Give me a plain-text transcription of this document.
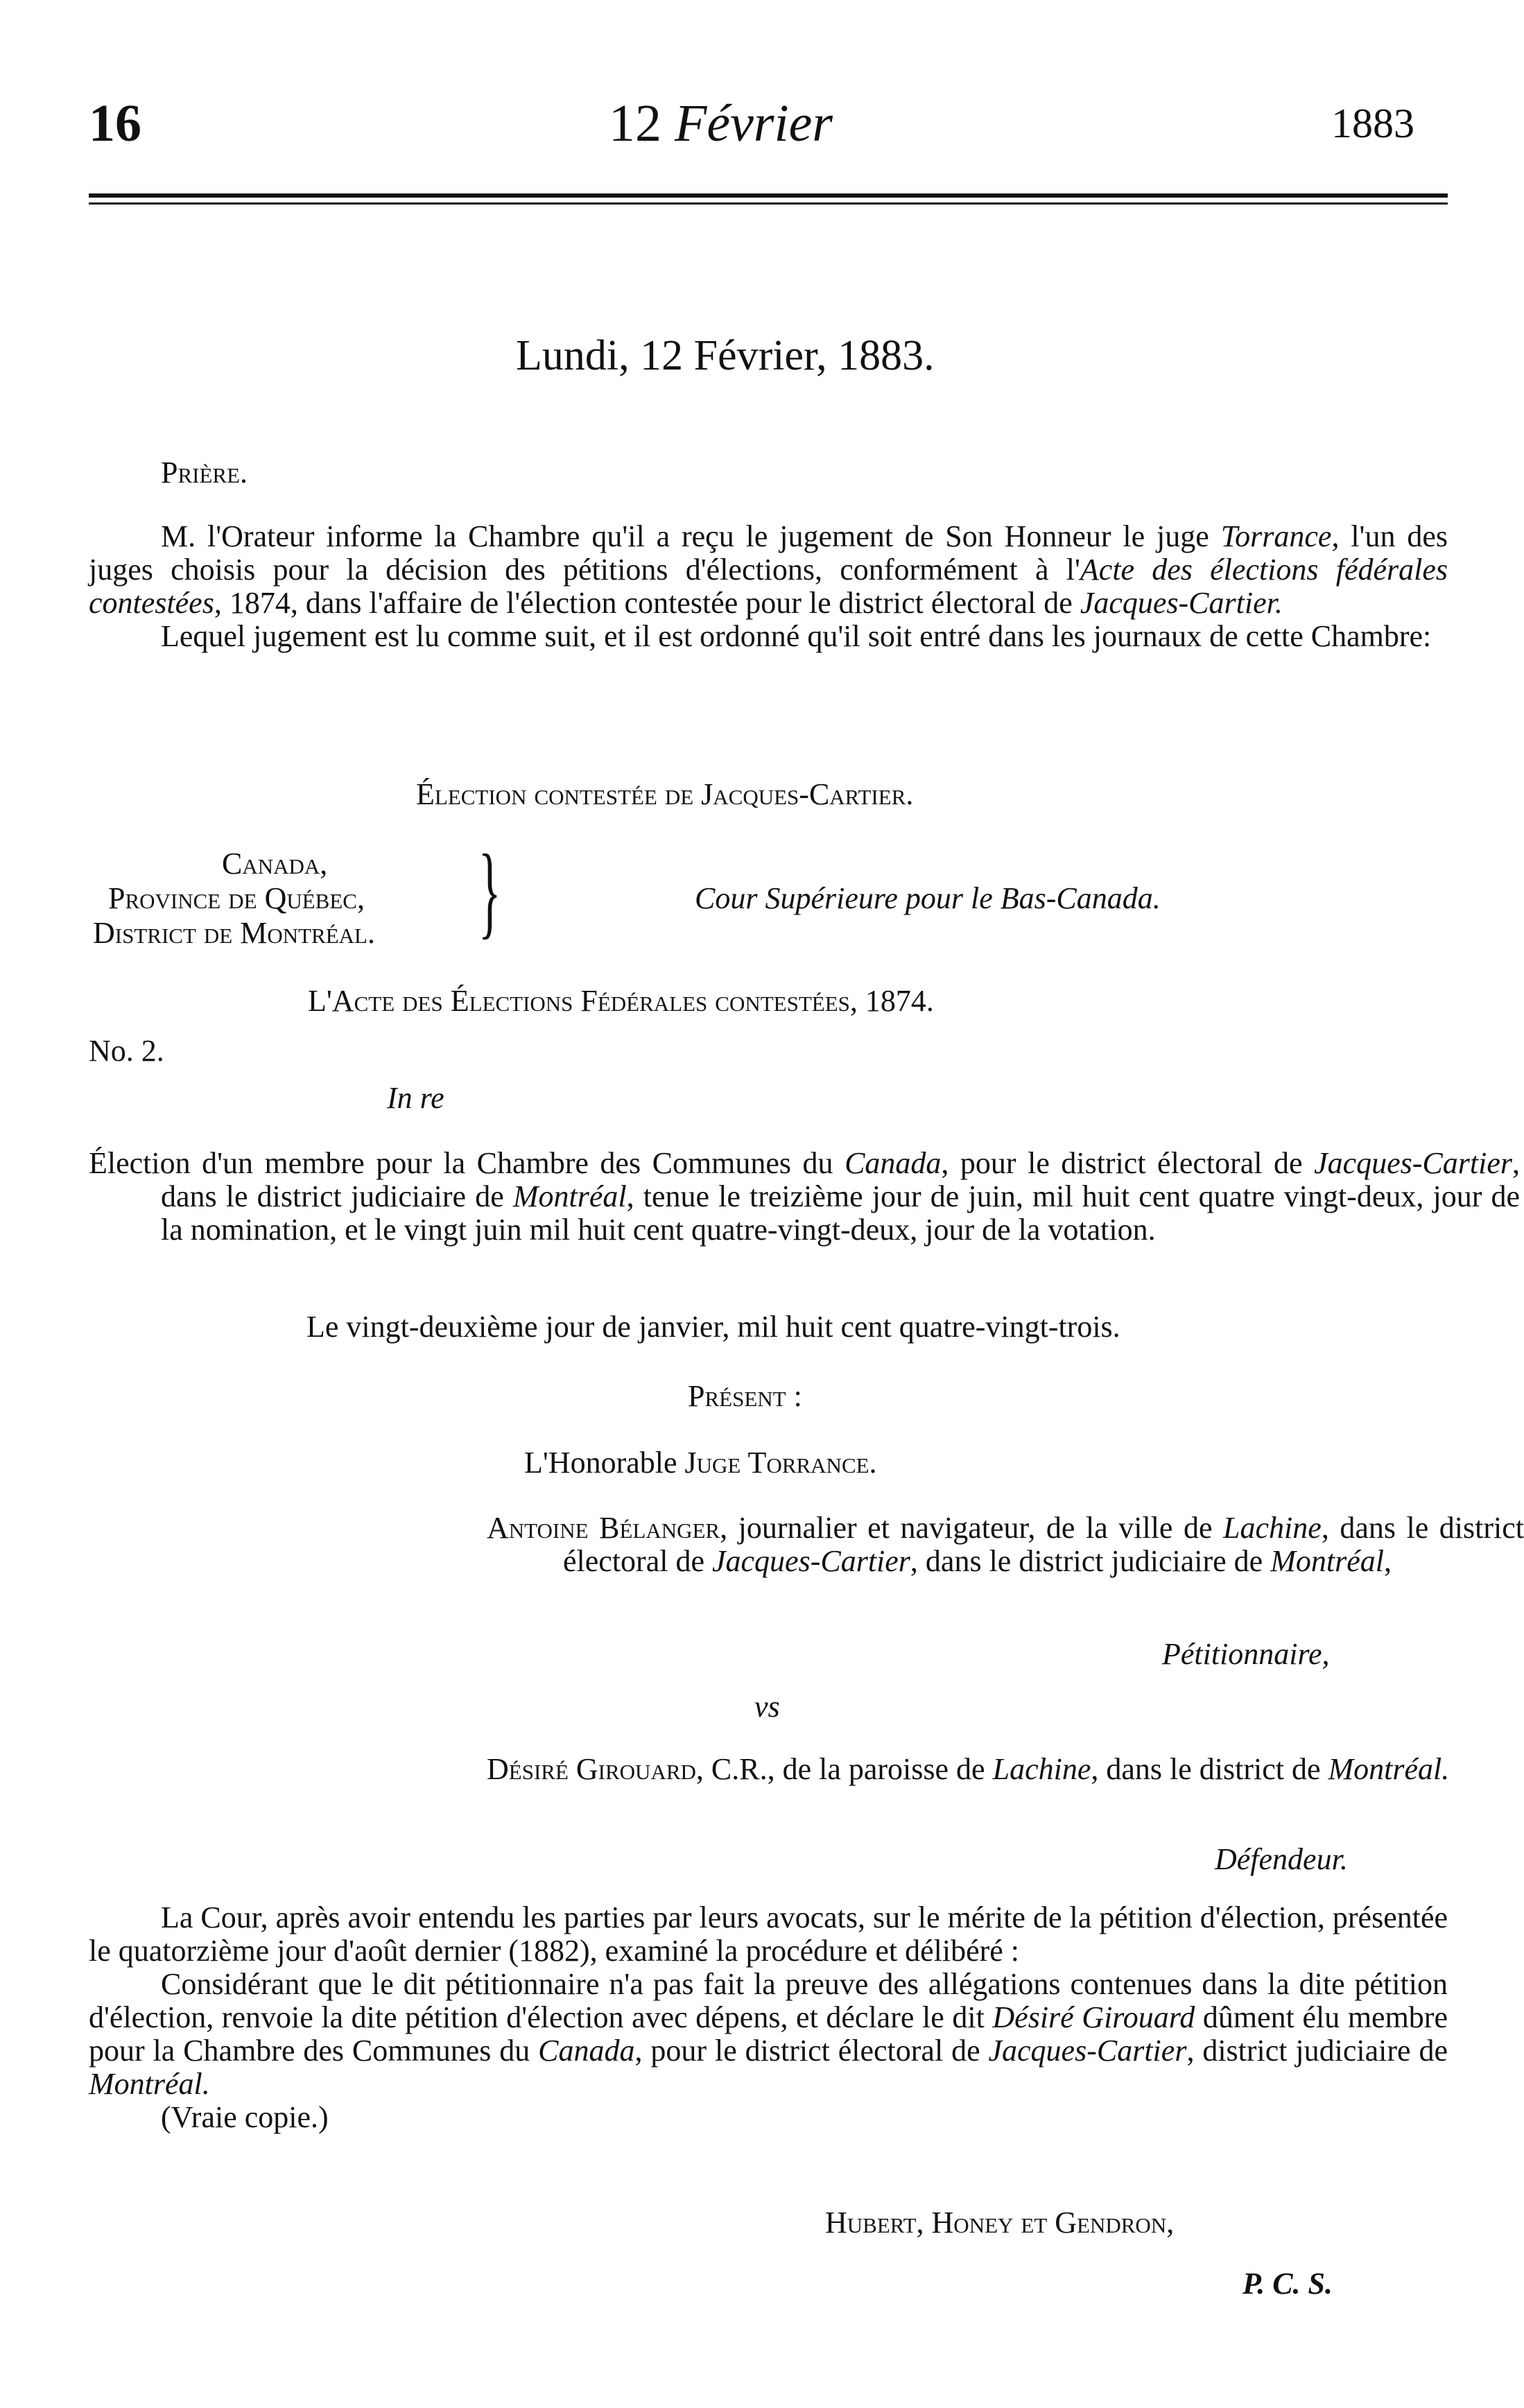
16	12 Février	1883
Lundi, 12 Février, 1883.
Prière.

M. l'Orateur informe la Chambre qu'il a reçu le jugement de Son Honneur le juge Torrance, l'un des juges choisis pour la décision des pétitions d'élections, conformément à l'Acte des élections fédérales contestées, 1874, dans l'affaire de l'élection contestée pour le district électoral de Jacques-Cartier.

Lequel jugement est lu comme suit, et il est ordonné qu'il soit entré dans les journaux de cette Chambre:

Élection contestée de Jacques-Cartier.
Canada,
Province de Québec,
District de Montréal. }	Cour Supérieure pour le Bas-Canada.
L'Acte des Élections Fédérales contestées, 1874.
No. 2.
In re
Élection d'un membre pour la Chambre des Communes du Canada, pour le district électoral de Jacques-Cartier, dans le district judiciaire de Montréal, tenue le treizième jour de juin, mil huit cent quatre vingt-deux, jour de la nomination, et le vingt juin mil huit cent quatre-vingt-deux, jour de la votation.
Le vingt-deuxième jour de janvier, mil huit cent quatre-vingt-trois.
Présent :
L'Honorable Juge Torrance.
Antoine Bélanger, journalier et navigateur, de la ville de Lachine, dans le district électoral de Jacques-Cartier, dans le district judiciaire de Montréal,
Pétitionnaire,
vs
Désiré Girouard, C.R., de la paroisse de Lachine, dans le district de Montréal.
Défendeur.

La Cour, après avoir entendu les parties par leurs avocats, sur le mérite de la pétition d'élection, présentée le quatorzième jour d'août dernier (1882), examiné la procédure et délibéré :

Considérant que le dit pétitionnaire n'a pas fait la preuve des allégations contenues dans la dite pétition d'élection, renvoie la dite pétition d'élection avec dépens, et déclare le dit Désiré Girouard dûment élu membre pour la Chambre des Communes du Canada, pour le district électoral de Jacques-Cartier, district judiciaire de Montréal.

(Vraie copie.)

Hubert, Honey et Gendron,
P. C. S.
